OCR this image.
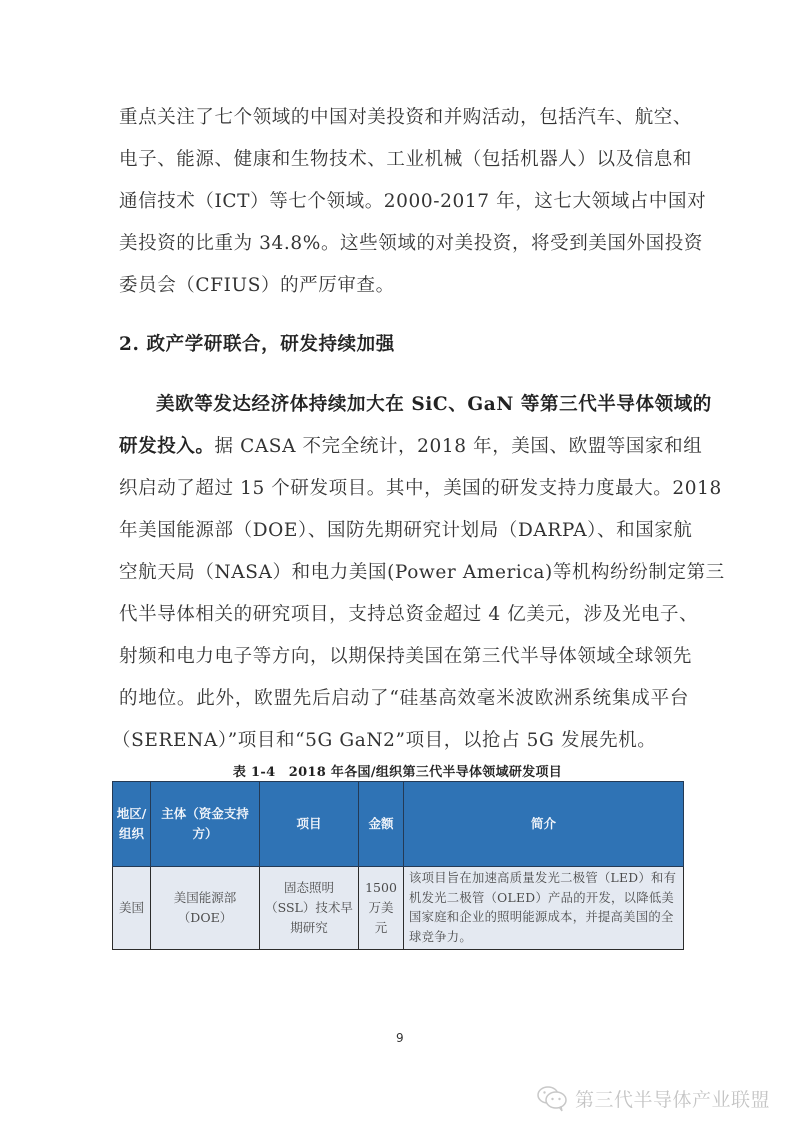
重点关注了七个领域的中国对美投资和并购活动，包括汽车、航空、
电子、能源、健康和生物技术、工业机械（包括机器人）以及信息和
通信技术（ICT）等七个领域。2000-2017 年，这七大领域占中国对
美投资的比重为 34.8%。这些领域的对美投资，将受到美国外国投资
委员会（CFIUS）的严厉审查。
2. 政产学研联合，研发持续加强
美欧等发达经济体持续加大在 SiC、GaN 等第三代半导体领域的
研发投入。据 CASA 不完全统计，2018 年，美国、欧盟等国家和组
织启动了超过 15 个研发项目。其中，美国的研发支持力度最大。2018
年美国能源部（DOE）、国防先期研究计划局（DARPA）、和国家航
空航天局（NASA）和电力美国(Power America)等机构纷纷制定第三
代半导体相关的研究项目，支持总资金超过 4 亿美元，涉及光电子、
射频和电力电子等方向，以期保持美国在第三代半导体领域全球领先
的地位。此外，欧盟先后启动了“硅基高效毫米波欧洲系统集成平台
（SERENA）”项目和“5G GaN2”项目，以抢占 5G 发展先机。
表 1-4　2018 年各国/组织第三代半导体领域研发项目
地区/组织	主体（资金支持方）	项目	金额	简介
美国	美国能源部（DOE）	固态照明（SSL）技术早期研究	1500万美元	该项目旨在加速高质量发光二极管（LED）和有机发光二极管（OLED）产品的开发，以降低美国家庭和企业的照明能源成本，并提高美国的全球竞争力。
9
第三代半导体产业联盟
